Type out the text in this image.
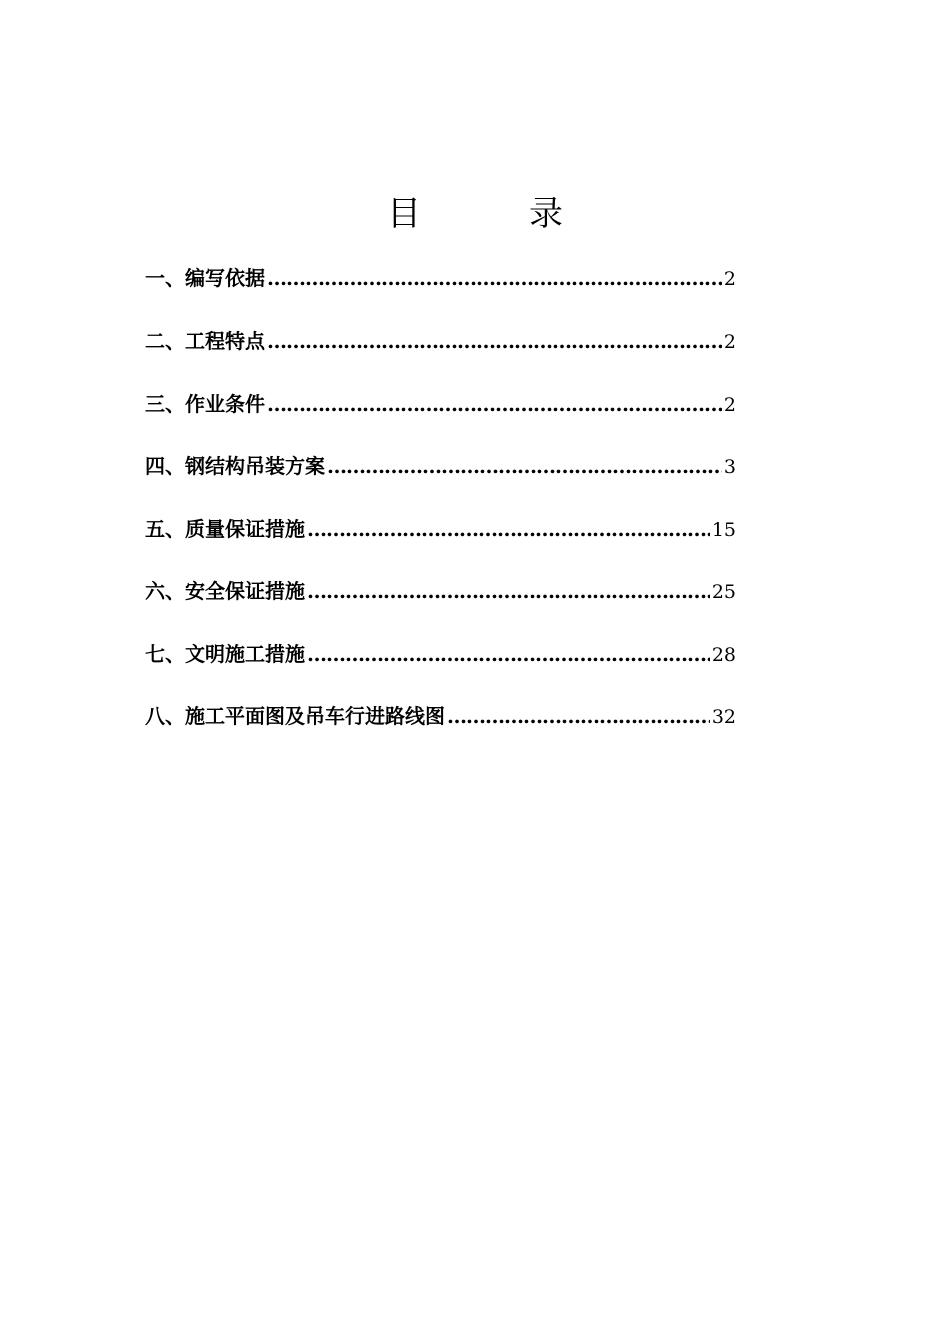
目          录
一、编写依据 …………………………………………………………………………………………………………………………………	2
二、工程特点 …………………………………………………………………………………………………………………………………	2
三、作业条件 …………………………………………………………………………………………………………………………………	2
四、钢结构吊装方案 …………………………………………………………………………………………………………………………………	3
五、质量保证措施 …………………………………………………………………………………………………………………………………	15
六、安全保证措施 …………………………………………………………………………………………………………………………………	25
七、文明施工措施 …………………………………………………………………………………………………………………………………	28
八、施工平面图及吊车行进路线图 …………………………………………………………………………………………………………………………………	32
